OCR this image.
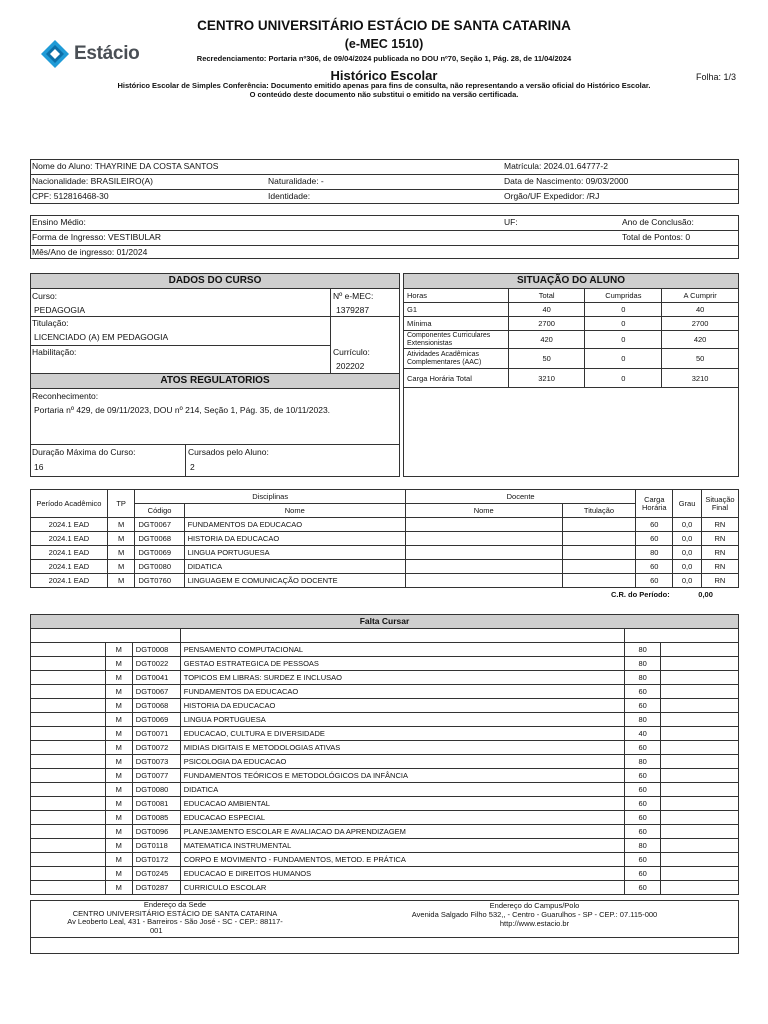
Estácio
CENTRO UNIVERSITÁRIO ESTÁCIO DE SANTA CATARINA
(e-MEC 1510)
Recredenciamento: Portaria nº306, de 09/04/2024 publicada no DOU nº70, Seção 1, Pág. 28, de 11/04/2024
Histórico Escolar	Folha: 1/3
Histórico Escolar de Simples Conferência: Documento emitido apenas para fins de consulta, não representando a versão oficial do Histórico Escolar.
O conteúdo deste documento não substitui o emitido na versão certificada.
Nome do Aluno: THAYRINE DA COSTA SANTOS	Matrícula: 2024.01.64777-2
Nacionalidade: BRASILEIRO(A)	Naturalidade: -	Data de Nascimento: 09/03/2000
CPF: 512816468-30	Identidade:	Orgão/UF Expedidor: /RJ
Ensino Médio:	UF:	Ano de Conclusão:
Forma de Ingresso: VESTIBULAR	Total de Pontos: 0
Mês/Ano de ingresso: 01/2024
DADOS DO CURSO
Curso:
PEDAGOGIA
Nº e-MEC:
1379287
Titulação:
LICENCIADO (A) EM PEDAGOGIA
Habilitação:	Currículo:
202202
ATOS REGULATORIOS
Reconhecimento:
Portaria nº 429, de 09/11/2023, DOU nº 214, Seção 1, Pág. 35, de 10/11/2023.
Duração Máxima do Curso:
16
Cursados pelo Aluno:
2
SITUAÇÃO DO ALUNO
Horas	Total	Cumpridas	A Cumprir
G1	40	0	40
Mínima	2700	0	2700
Componentes Curriculares Extensionistas	420	0	420
Atividades Acadêmicas Complementares (AAC)	50	0	50
Carga Horária Total	3210	0	3210
Período Acadêmico	TP	Disciplinas		Docente		Carga Horária	Grau	Situação Final
		Código	Nome	Nome	Titulação			
2024.1 EAD	M	DGT0067	FUNDAMENTOS DA EDUCACAO			60	0,0	RN
2024.1 EAD	M	DGT0068	HISTORIA DA EDUCACAO			60	0,0	RN
2024.1 EAD	M	DGT0069	LINGUA PORTUGUESA			80	0,0	RN
2024.1 EAD	M	DGT0080	DIDATICA			60	0,0	RN
2024.1 EAD	M	DGT0760	LINGUAGEM E COMUNICAÇÃO DOCENTE			60	0,0	RN
C.R. do Período:							0,00	
Falta Cursar

	M	DGT0008	PENSAMENTO COMPUTACIONAL	80	
	M	DGT0022	GESTAO ESTRATEGICA DE PESSOAS	80	
	M	DGT0041	TOPICOS EM LIBRAS: SURDEZ E INCLUSAO	80	
	M	DGT0067	FUNDAMENTOS DA EDUCACAO	60	
	M	DGT0068	HISTORIA DA EDUCACAO	60	
	M	DGT0069	LINGUA PORTUGUESA	80	
	M	DGT0071	EDUCACAO, CULTURA E DIVERSIDADE	40	
	M	DGT0072	MIDIAS DIGITAIS E METODOLOGIAS ATIVAS	60	
	M	DGT0073	PSICOLOGIA DA EDUCACAO	80	
	M	DGT0077	FUNDAMENTOS TEÓRICOS E METODOLÓGICOS DA INFÂNCIA	60	
	M	DGT0080	DIDATICA	60	
	M	DGT0081	EDUCACAO AMBIENTAL	60	
	M	DGT0085	EDUCACAO ESPECIAL	60	
	M	DGT0096	PLANEJAMENTO ESCOLAR E AVALIACAO DA APRENDIZAGEM	60	
	M	DGT0118	MATEMATICA INSTRUMENTAL	80	
	M	DGT0172	CORPO E MOVIMENTO - FUNDAMENTOS, METOD. E PRÁTICA	60	
	M	DGT0245	EDUCACAO E DIREITOS HUMANOS	60	
	M	DGT0287	CURRICULO ESCOLAR	60	
Endereço da Sede
CENTRO UNIVERSITÁRIO ESTÁCIO DE SANTA CATARINA
Av Leoberto Leal, 431 - Barreiros - São José - SC - CEP.: 88117-
001
Endereço do Campus/Polo
Avenida Salgado Filho 532,, - Centro - Guarulhos - SP - CEP.: 07.115-000
http://www.estacio.br
